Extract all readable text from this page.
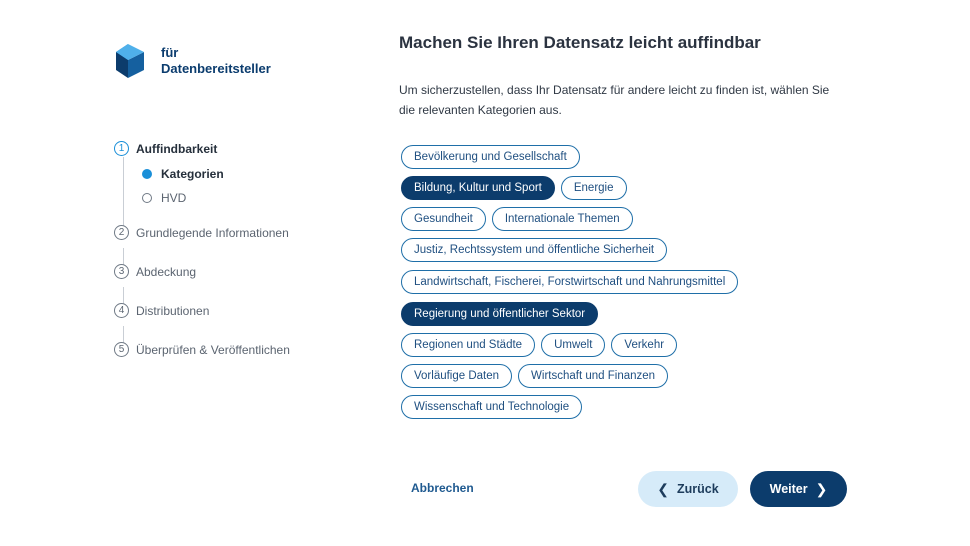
für
Datenbereitsteller
1 Auffindbarkeit
Kategorien
HVD
2 Grundlegende Informationen
3 Abdeckung
4 Distributionen
5 Überprüfen & Veröffentlichen
Machen Sie Ihren Datensatz leicht auffindbar

Um sicherzustellen, dass Ihr Datensatz für andere leicht zu finden ist, wählen Sie die relevanten Kategorien aus.

Bevölkerung und Gesellschaft
Bildung, Kultur und Sport	Energie
Gesundheit	Internationale Themen
Justiz, Rechtssystem und öffentliche Sicherheit
Landwirtschaft, Fischerei, Forstwirtschaft und Nahrungsmittel
Regierung und öffentlicher Sektor
Regionen und Städte	Umwelt	Verkehr
Vorläufige Daten	Wirtschaft und Finanzen
Wissenschaft und Technologie
Abbrechen	❮ Zurück	Weiter ❯
